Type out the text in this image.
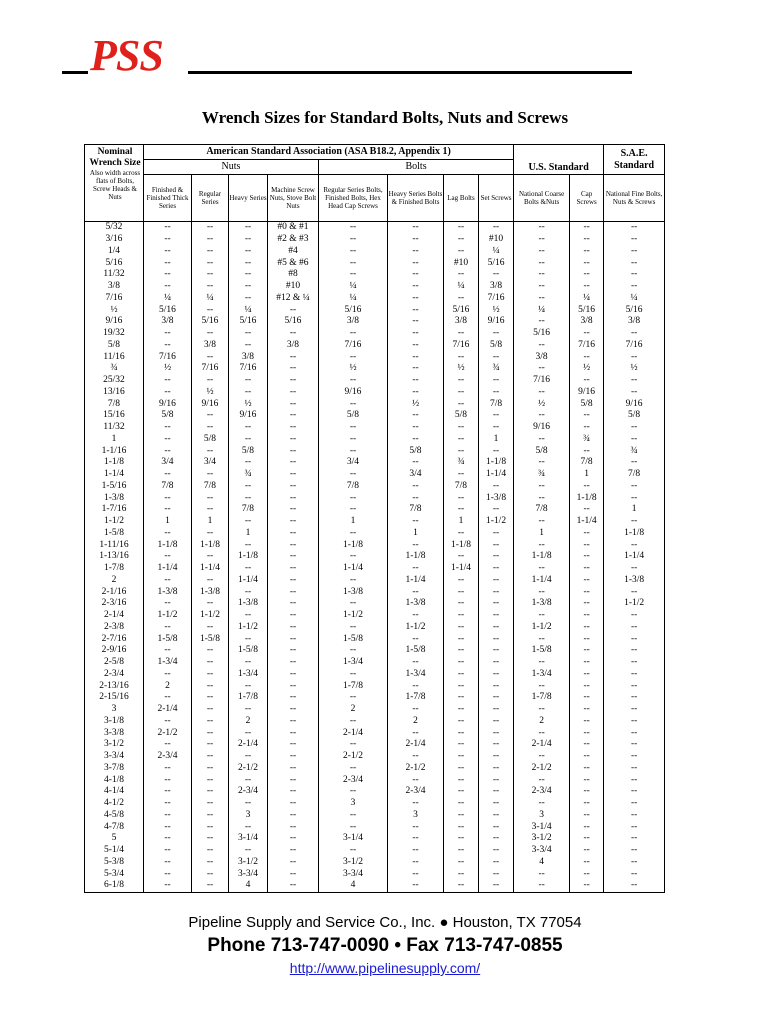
PSS
Wrench Sizes for Standard Bolts, Nuts and Screws
Nominal Wrench Size Also width across flats of Bolts, Screw Heads & Nuts	American Standard Association (ASA B18.2, Appendix 1)								U.S. Standard		S.A.E. Standard
	Nuts				Bolts						
	Finished & Finished Thick Series	Regular Series	Heavy Series	Machine Screw Nuts, Stove Bolt Nuts	Regular Series Bolts, Finished Bolts, Hex Head Cap Screws	Heavy Series Bolts & Finished Bolts	Lag Bolts	Set Screws	National Coarse Bolts &Nuts	Cap Screws	National Fine Bolts, Nuts & Screws
5/32	--	--	--	#0 & #1	--	--	--	--	--	--	--
3/16	--	--	--	#2 & #3	--	--	--	#10	--	--	--
1/4	--	--	--	#4	--	--	--	¼	--	--	--
5/16	--	--	--	#5 & #6	--	--	#10	5/16	--	--	--
11/32	--	--	--	#8	--	--	--	--	--	--	--
3/8	--	--	--	#10	¼	--	¼	3/8	--	--	--
7/16	¼	¼	--	#12 & ¼	¼	--	--	7/16	--	¼	¼
½	5/16	--	¼	--	5/16	--	5/16	½	¼	5/16	5/16
9/16	3/8	5/16	5/16	5/16	3/8	--	3/8	9/16	--	3/8	3/8
19/32	--	--	--	--	--	--	--	--	5/16	--	--
5/8	--	3/8	--	3/8	7/16	--	7/16	5/8	--	7/16	7/16
11/16	7/16	--	3/8	--	--	--	--	--	3/8	--	--
¾	½	7/16	7/16	--	½	--	½	¾	--	½	½
25/32	--	--	--	--	--	--	--	--	7/16	--	--
13/16	--	½	--	--	9/16	--	--	--	--	9/16	--
7/8	9/16	9/16	½	--	--	½	--	7/8	½	5/8	9/16
15/16	5/8	--	9/16	--	5/8	--	5/8	--	--	--	5/8
11/32	--	--	--	--	--	--	--	--	9/16	--	--
1	--	5/8	--	--	--	--	--	1	--	¾	--
1-1/16	--	--	5/8	--	--	5/8	--	--	5/8	--	¾
1-1/8	3/4	3/4	--	--	3/4	--	¾	1-1/8	--	7/8	--
1-1/4	--	--	¾	--	--	3/4	--	1-1/4	¾	1	7/8
1-5/16	7/8	7/8	--	--	7/8	--	7/8	--	--	--	--
1-3/8	--	--	--	--	--	--	--	1-3/8	--	1-1/8	--
1-7/16	--	--	7/8	--	--	7/8	--	--	7/8	--	1
1-1/2	1	1	--	--	1	--	1	1-1/2	--	1-1/4	--
1-5/8	--	--	1	--	--	1	--	--	1	--	1-1/8
1-11/16	1-1/8	1-1/8	--	--	1-1/8	--	1-1/8	--	--	--	--
1-13/16	--	--	1-1/8	--	--	1-1/8	--	--	1-1/8	--	1-1/4
1-7/8	1-1/4	1-1/4	--	--	1-1/4	--	1-1/4	--	--	--	--
2	--	--	1-1/4	--	--	1-1/4	--	--	1-1/4	--	1-3/8
2-1/16	1-3/8	1-3/8	--	--	1-3/8	--	--	--	--	--	--
2-3/16	--	--	1-3/8	--	--	1-3/8	--	--	1-3/8	--	1-1/2
2-1/4	1-1/2	1-1/2	--	--	1-1/2	--	--	--	--	--	--
2-3/8	--	--	1-1/2	--	--	1-1/2	--	--	1-1/2	--	--
2-7/16	1-5/8	1-5/8	--	--	1-5/8	--	--	--	--	--	--
2-9/16	--	--	1-5/8	--	--	1-5/8	--	--	1-5/8	--	--
2-5/8	1-3/4	--	--	--	1-3/4	--	--	--	--	--	--
2-3/4	--	--	1-3/4	--	--	1-3/4	--	--	1-3/4	--	--
2-13/16	2	--	--	--	1-7/8	--	--	--	--	--	--
2-15/16	--	--	1-7/8	--	--	1-7/8	--	--	1-7/8	--	--
3	2-1/4	--	--	--	2	--	--	--	--	--	--
3-1/8	--	--	2	--	--	2	--	--	2	--	--
3-3/8	2-1/2	--	--	--	2-1/4	--	--	--	--	--	--
3-1/2	--	--	2-1/4	--	--	2-1/4	--	--	2-1/4	--	--
3-3/4	2-3/4	--	--	--	2-1/2	--	--	--	--	--	--
3-7/8	--	--	2-1/2	--	--	2-1/2	--	--	2-1/2	--	--
4-1/8	--	--	--	--	2-3/4	--	--	--	--	--	--
4-1/4	--	--	2-3/4	--	--	2-3/4	--	--	2-3/4	--	--
4-1/2	--	--	--	--	3	--	--	--	--	--	--
4-5/8	--	--	3	--	--	3	--	--	3	--	--
4-7/8	--	--	--	--	--	--	--	--	3-1/4	--	--
5	--	--	3-1/4	--	3-1/4	--	--	--	3-1/2	--	--
5-1/4	--	--	--	--	--	--	--	--	3-3/4	--	--
5-3/8	--	--	3-1/2	--	3-1/2	--	--	--	4	--	--
5-3/4	--	--	3-3/4	--	3-3/4	--	--	--	--	--	--
6-1/8	--	--	4	--	4	--	--	--	--	--	--
Pipeline Supply and Service Co., Inc. ● Houston, TX 77054
Phone 713-747-0090 • Fax 713-747-0855
http://www.pipelinesupply.com/
